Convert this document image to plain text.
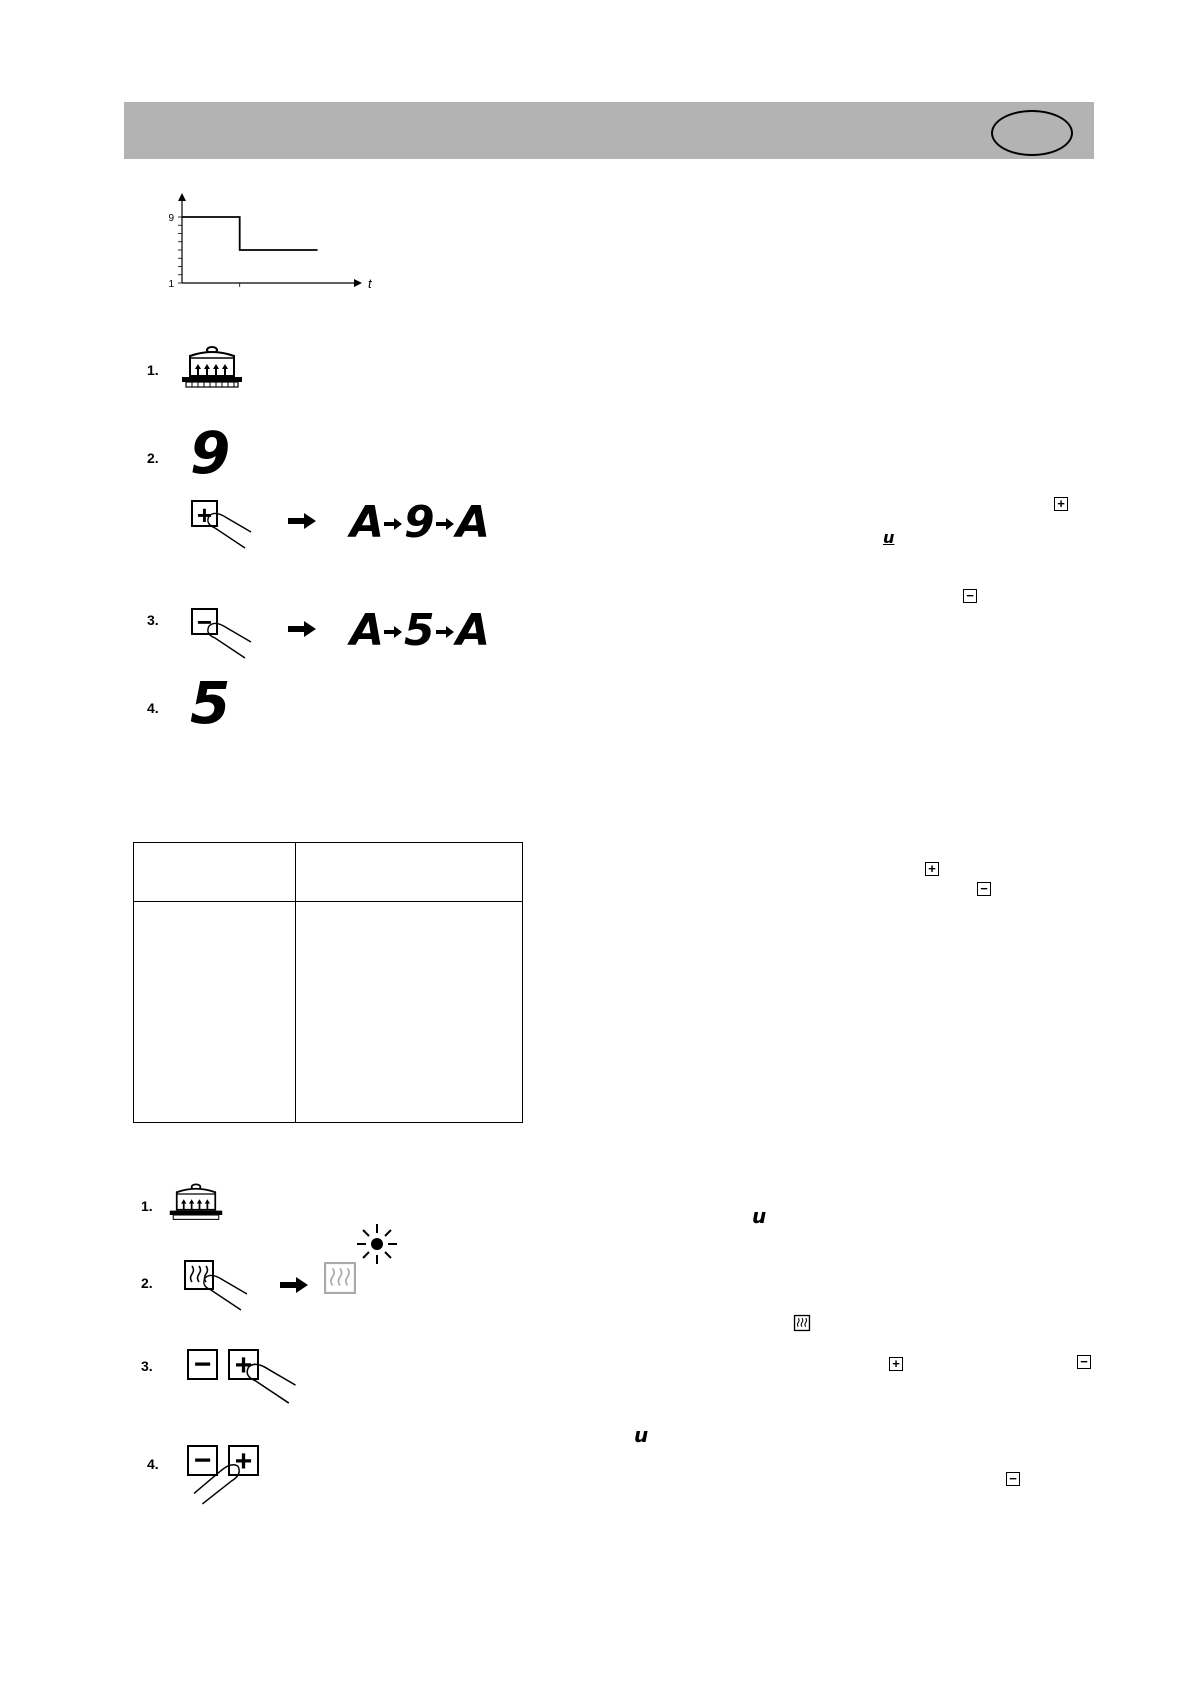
9
1	t
1.
2. 9
+	A 9 A
3. −	A 5 A
4. 5
+
u
−
+
−
1.	u
2.
3. − +	+	−
u
4. − +
−
